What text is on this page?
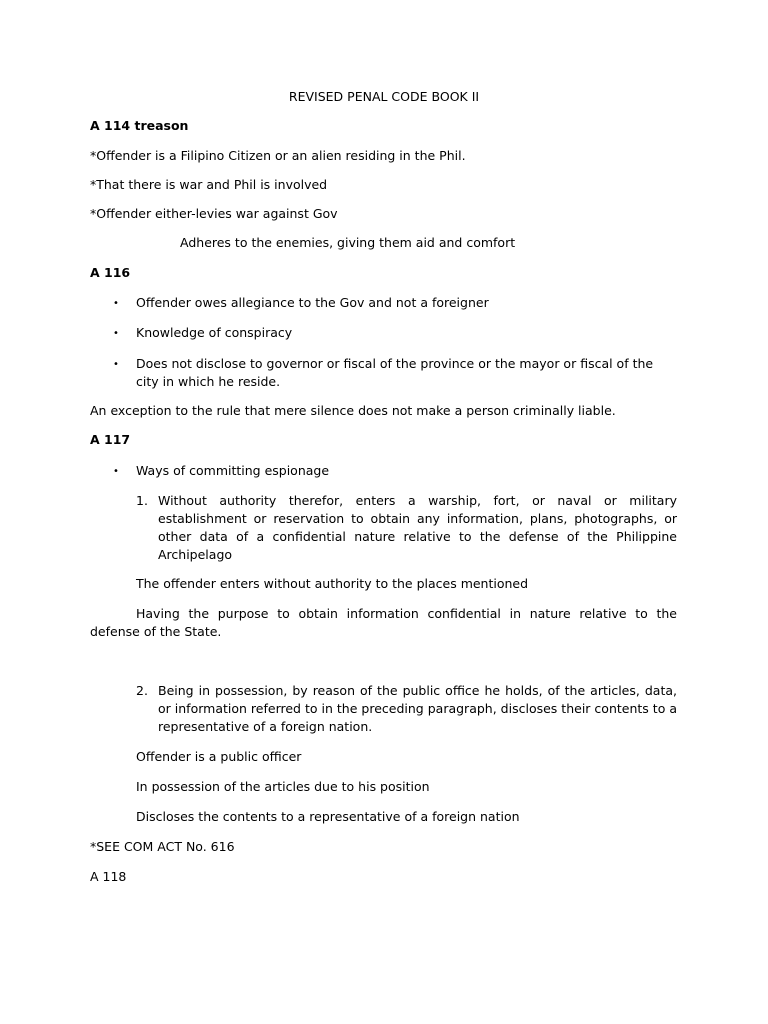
REVISED PENAL CODE BOOK II
A 114 treason
*Offender is a Filipino Citizen or an alien residing in the Phil.
*That there is war and Phil is involved
*Offender either-levies war against Gov
Adheres to the enemies, giving them aid and comfort
A 116
• Offender owes allegiance to the Gov and not a foreigner
• Knowledge of conspiracy
• Does not disclose to governor or fiscal of the province or the mayor or fiscal of the city in which he reside.
An exception to the rule that mere silence does not make a person criminally liable.
A 117
• Ways of committing espionage
1. Without authority therefor, enters a warship, fort, or naval or military establishment or reservation to obtain any information, plans, photographs, or other data of a confidential nature relative to the defense of the Philippine Archipelago
The offender enters without authority to the places mentioned
Having the purpose to obtain information confidential in nature relative to the defense of the State.
2. Being in possession, by reason of the public office he holds, of the articles, data, or information referred to in the preceding paragraph, discloses their contents to a representative of a foreign nation.
Offender is a public officer
In possession of the articles due to his position
Discloses the contents to a representative of a foreign nation
*SEE COM ACT No. 616
A 118
